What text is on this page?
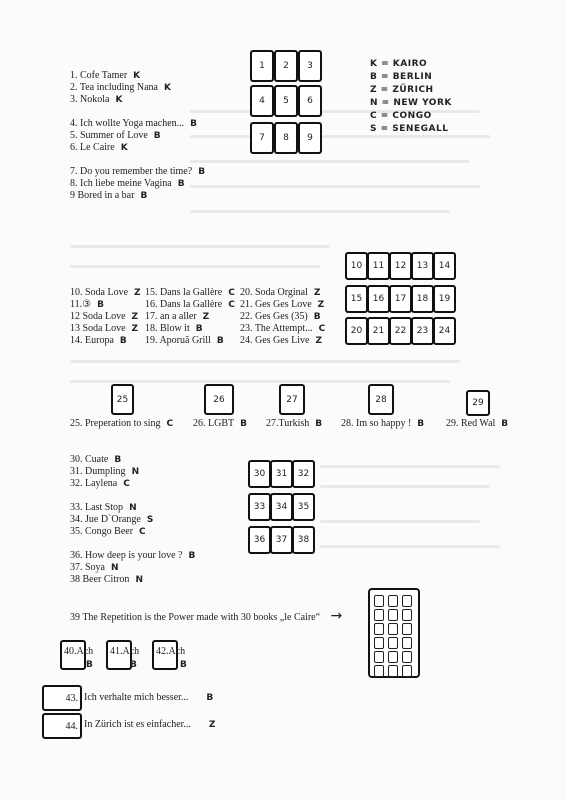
K = KAIRO
B = BERLIN
Z = ZÜRICH
N = NEW YORK
C = CONGO
S = SENEGALL
1. Cofe Tamer K
2. Tea including Nana K
3. Nokola K
4. Ich wollte Yoga machen... B
5. Summer of Love B
6. Le Caire K
7. Do you remember the time? B
8. Ich liebe meine Vagina B
9 Bored in a bar B
1	2	3
4	5	6
7	8	9
10	11	12	13	14
15	16	17	18	19
20	21	22	23	24
10. Soda Love Z
11.③ B
12 Soda Love Z
13 Soda Love Z
14. Europa B
15. Dans la Gallère C
16. Dans la Gallère C
17. an a aller Z
18. Blow it B
19. Aporuã Grill B
20. Soda Orginal Z
21. Ges Ges Love Z
22. Ges Ges (35) B
23. The Attempt... C
24. Ges Ges Live Z
25	26	27	28	29
25. Preperation to sing C 26. LGBT B 27.Turkish B 28. Im so happy ! B 29. Red Wal B
30. Cuate B
31. Dumpling N
32. Laylena C
33. Last Stop N
34. Jue D`Orange S
35. Congo Beer C
36. How deep is your love ? B
37. Soya N
38 Beer Citron N
30	31	32
33	34	35
36	37	38
39 The Repetition is the Power made with 30 books „le Caire“ →

40.Ach
B
41.Ach
B
42.Ach
B
43. Ich verhalte mich besser... B
44. In Zürich ist es einfacher... Z
